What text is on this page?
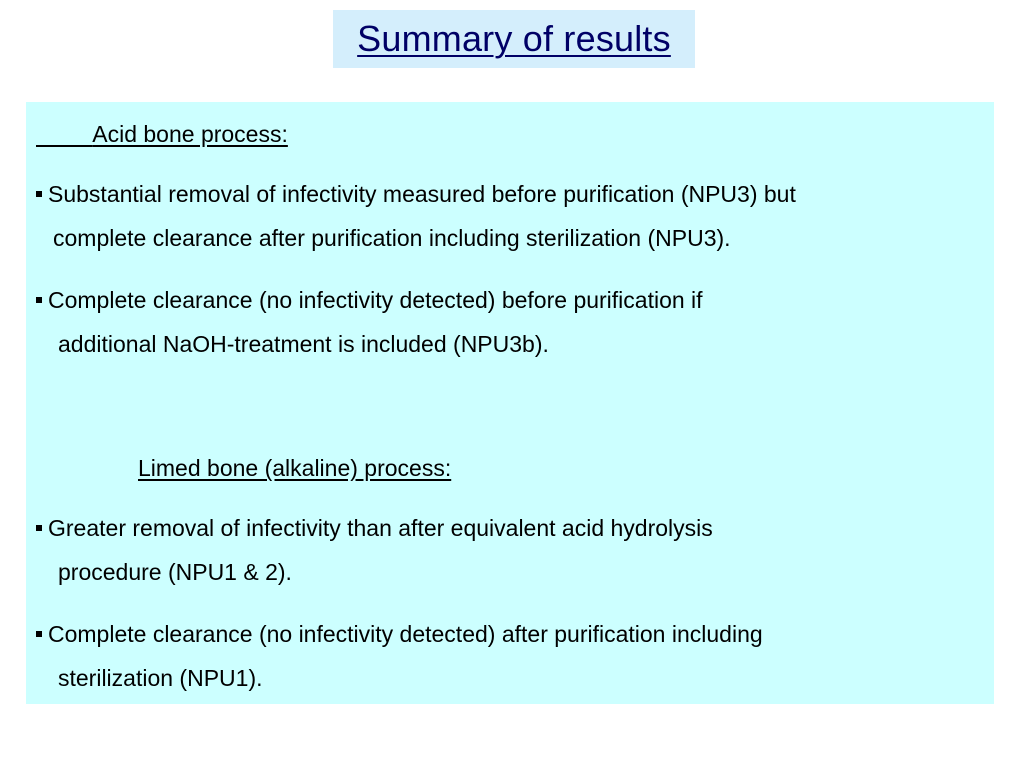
Summary of results
Acid bone process:
Substantial removal of infectivity measured before purification (NPU3) but
complete clearance after purification including sterilization (NPU3).
Complete clearance (no infectivity detected) before purification if
additional NaOH-treatment is included (NPU3b).
Limed bone (alkaline) process:
Greater removal of infectivity than after equivalent acid hydrolysis
procedure (NPU1 & 2).
Complete clearance (no infectivity detected) after purification including
sterilization (NPU1).
